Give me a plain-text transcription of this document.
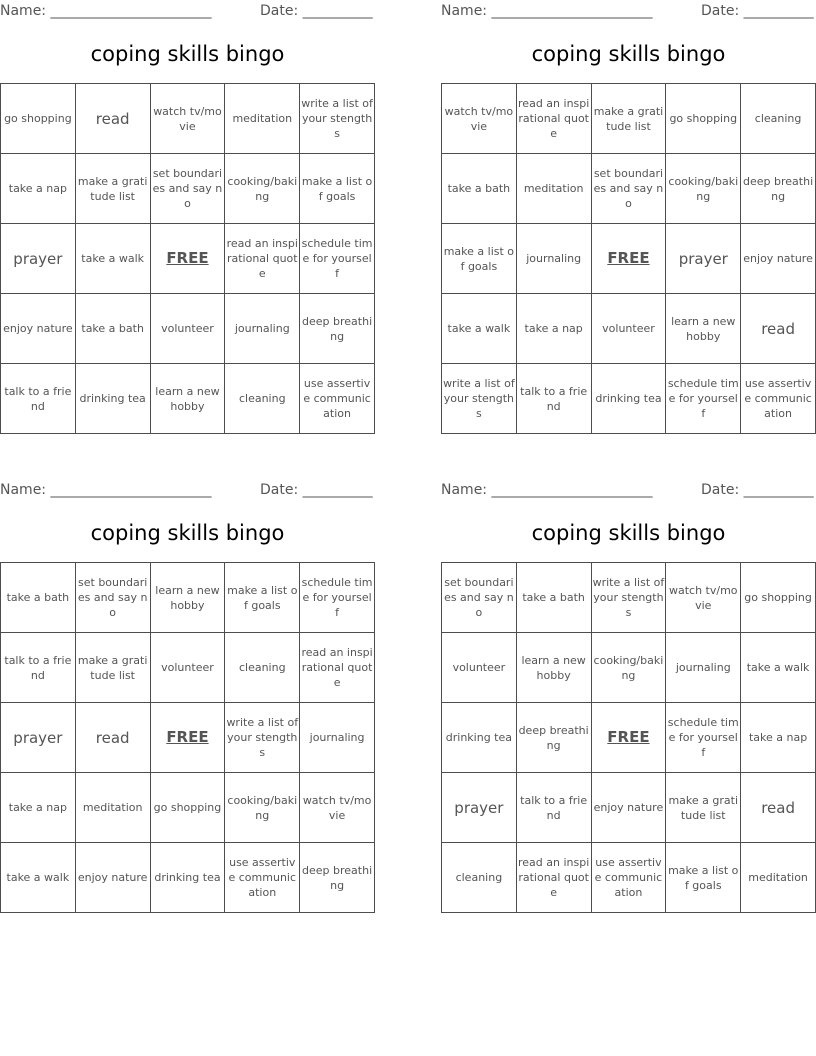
Name: _______________________	Date: __________
coping skills bingo
go shopping	read	watch tv/movie	meditation	write a list of your stengths
take a nap	make a gratitude list	set boundaries and say no	cooking/baking	make a list of goals
prayer	take a walk	FREE	read an inspirational quote	schedule time for yourself
enjoy nature	take a bath	volunteer	journaling	deep breathing
talk to a friend	drinking tea	learn a new hobby	cleaning	use assertive communication
Name: _______________________	Date: __________
coping skills bingo
watch tv/movie	read an inspirational quote	make a gratitude list	go shopping	cleaning
take a bath	meditation	set boundaries and say no	cooking/baking	deep breathing
make a list of goals	journaling	FREE	prayer	enjoy nature
take a walk	take a nap	volunteer	learn a new hobby	read
write a list of your stengths	talk to a friend	drinking tea	schedule time for yourself	use assertive communication
Name: _______________________	Date: __________
coping skills bingo
take a bath	set boundaries and say no	learn a new hobby	make a list of goals	schedule time for yourself
talk to a friend	make a gratitude list	volunteer	cleaning	read an inspirational quote
prayer	read	FREE	write a list of your stengths	journaling
take a nap	meditation	go shopping	cooking/baking	watch tv/movie
take a walk	enjoy nature	drinking tea	use assertive communication	deep breathing
Name: _______________________	Date: __________
coping skills bingo
set boundaries and say no	take a bath	write a list of your stengths	watch tv/movie	go shopping
volunteer	learn a new hobby	cooking/baking	journaling	take a walk
drinking tea	deep breathing	FREE	schedule time for yourself	take a nap
prayer	talk to a friend	enjoy nature	make a gratitude list	read
cleaning	read an inspirational quote	use assertive communication	make a list of goals	meditation
